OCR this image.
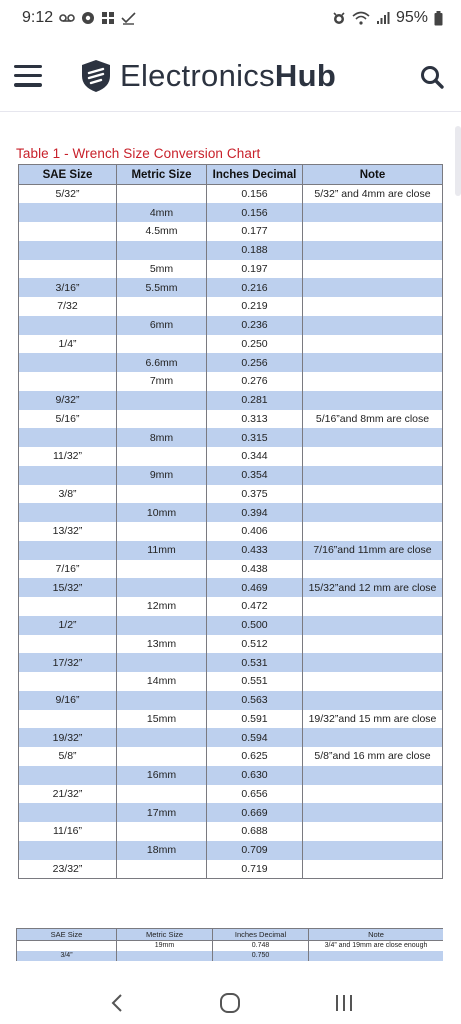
9:12	95%
ElectronicsHub
Table 1 - Wrench Size Conversion Chart
SAE Size	Metric Size	Inches Decimal	Note
5/32”		0.156	5/32” and 4mm are close
	4mm	0.156	
	4.5mm	0.177	
		0.188	
	5mm	0.197	
3/16”	5.5mm	0.216	
7/32		0.219	
	6mm	0.236	
1/4”		0.250	
	6.6mm	0.256	
	7mm	0.276	
9/32”		0.281	
5/16”		0.313	5/16”and 8mm are close
	8mm	0.315	
11/32”		0.344	
	9mm	0.354	
3/8”		0.375	
	10mm	0.394	
13/32”		0.406	
	11mm	0.433	7/16”and 11mm are close
7/16”		0.438	
15/32”		0.469	15/32”and 12 mm are close
	12mm	0.472	
1/2”		0.500	
	13mm	0.512	
17/32”		0.531	
	14mm	0.551	
9/16”		0.563	
	15mm	0.591	19/32”and 15 mm are close
19/32”		0.594	
5/8”		0.625	5/8”and 16 mm are close
	16mm	0.630	
21/32”		0.656	
	17mm	0.669	
11/16”		0.688	
	18mm	0.709	
23/32”		0.719	
SAE Size	Metric Size	Inches Decimal	Note
	19mm	0.748	3/4” and 19mm are close enough
3/4”		0.750	
